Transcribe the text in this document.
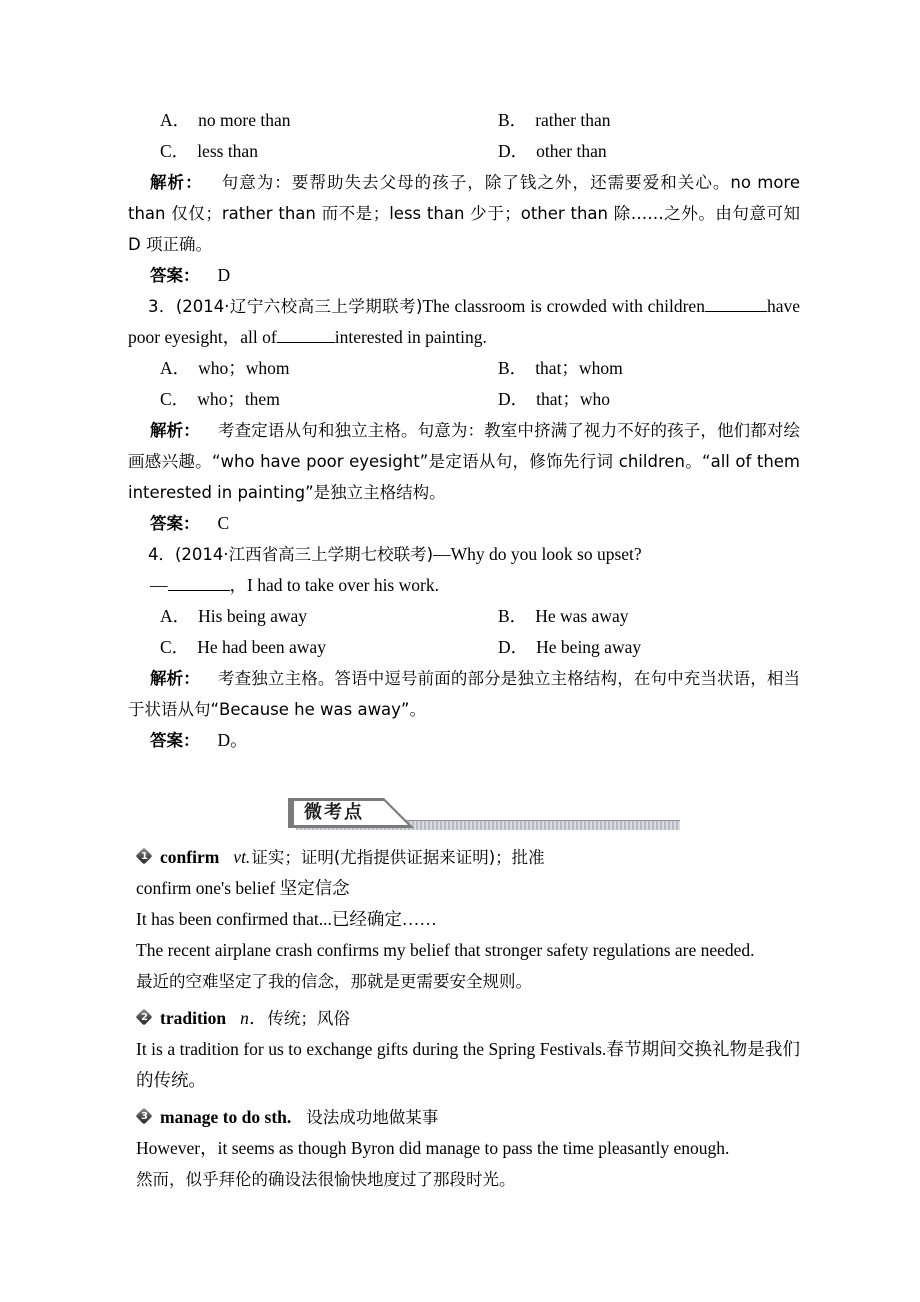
A． no more than	B． rather than
C． less than	D． other than
解析： 句意为：要帮助失去父母的孩子，除了钱之外，还需要爱和关心。no more than 仅仅；rather than 而不是；less than 少于；other than 除……之外。由句意可知 D 项正确。
答案： D
3．(2014·辽宁六校高三上学期联考)The classroom is crowded with children	have poor eyesight，all of	interested in painting.
A． who；whom	B． that；whom
C． who；them	D． that；who
解析： 考查定语从句和独立主格。句意为：教室中挤满了视力不好的孩子，他们都对绘画感兴趣。“who have poor eyesight”是定语从句，修饰先行词 children。“all of them interested in painting”是独立主格结构。
答案： C
4．(2014·江西省高三上学期七校联考)—Why do you look so upset?
—	，I had to take over his work.
A． His being away	B． He was away
C． He had been away	D． He being away
解析： 考查独立主格。答语中逗号前面的部分是独立主格结构，在句中充当状语，相当于状语从句“Because he was away”。
答案： D。
微考点
1 confirm vt. 证实；证明(尤指提供证据来证明)；批准
confirm one's belief 坚定信念
It has been confirmed that...已经确定……
The recent airplane crash confirms my belief that stronger safety regulations are needed.
最近的空难坚定了我的信念，那就是更需要安全规则。
2 tradition n． 传统；风俗
It is a tradition for us to exchange gifts during the Spring Festivals.春节期间交换礼物是我们的传统。
3 manage to do sth. 设法成功地做某事
However，it seems as though Byron did manage to pass the time pleasantly enough.
然而，似乎拜伦的确设法很愉快地度过了那段时光。
